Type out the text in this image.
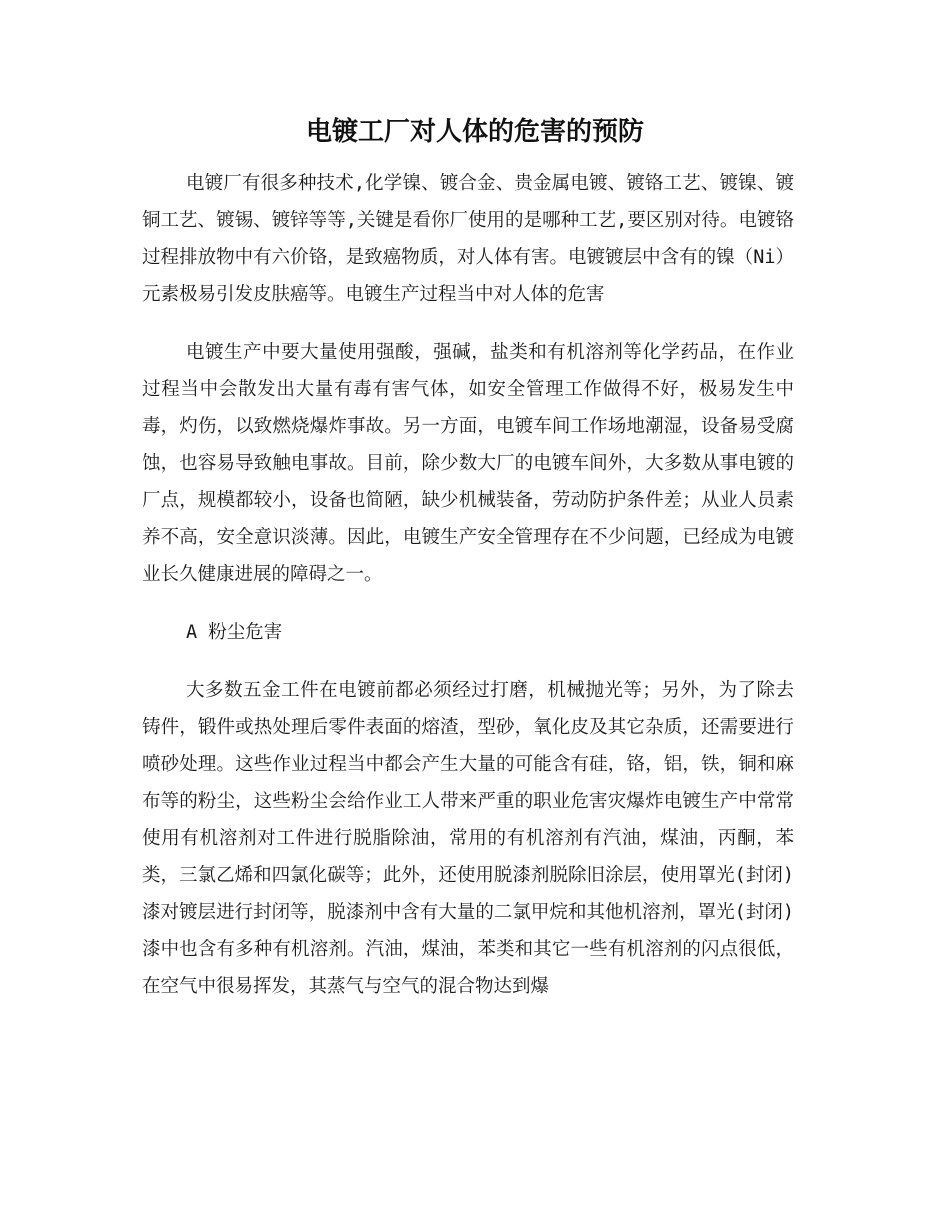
电镀工厂对人体的危害的预防

电镀厂有很多种技术,化学镍、镀合金、贵金属电镀、镀铬工艺、镀镍、镀铜工艺、镀锡、镀锌等等,关键是看你厂使用的是哪种工艺,要区别对待。电镀铬过程排放物中有六价铬，是致癌物质，对人体有害。电镀镀层中含有的镍（Ni）元素极易引发皮肤癌等。电镀生产过程当中对人体的危害

电镀生产中要大量使用强酸，强碱，盐类和有机溶剂等化学药品，在作业过程当中会散发出大量有毒有害气体，如安全管理工作做得不好，极易发生中毒，灼伤，以致燃烧爆炸事故。另一方面，电镀车间工作场地潮湿，设备易受腐蚀，也容易导致触电事故。目前，除少数大厂的电镀车间外，大多数从事电镀的厂点，规模都较小，设备也简陋，缺少机械装备，劳动防护条件差；从业人员素养不高，安全意识淡薄。因此，电镀生产安全管理存在不少问题，已经成为电镀业长久健康进展的障碍之一。

A 粉尘危害

大多数五金工件在电镀前都必须经过打磨，机械抛光等；另外，为了除去铸件，锻件或热处理后零件表面的熔渣，型砂，氧化皮及其它杂质，还需要进行喷砂处理。这些作业过程当中都会产生大量的可能含有硅，铬，铝，铁，铜和麻布等的粉尘，这些粉尘会给作业工人带来严重的职业危害灾爆炸电镀生产中常常使用有机溶剂对工件进行脱脂除油，常用的有机溶剂有汽油，煤油，丙酮，苯类，三氯乙烯和四氯化碳等；此外，还使用脱漆剂脱除旧涂层，使用罩光(封闭)漆对镀层进行封闭等，脱漆剂中含有大量的二氯甲烷和其他机溶剂，罩光(封闭)漆中也含有多种有机溶剂。汽油，煤油，苯类和其它一些有机溶剂的闪点很低，在空气中很易挥发，其蒸气与空气的混合物达到爆
